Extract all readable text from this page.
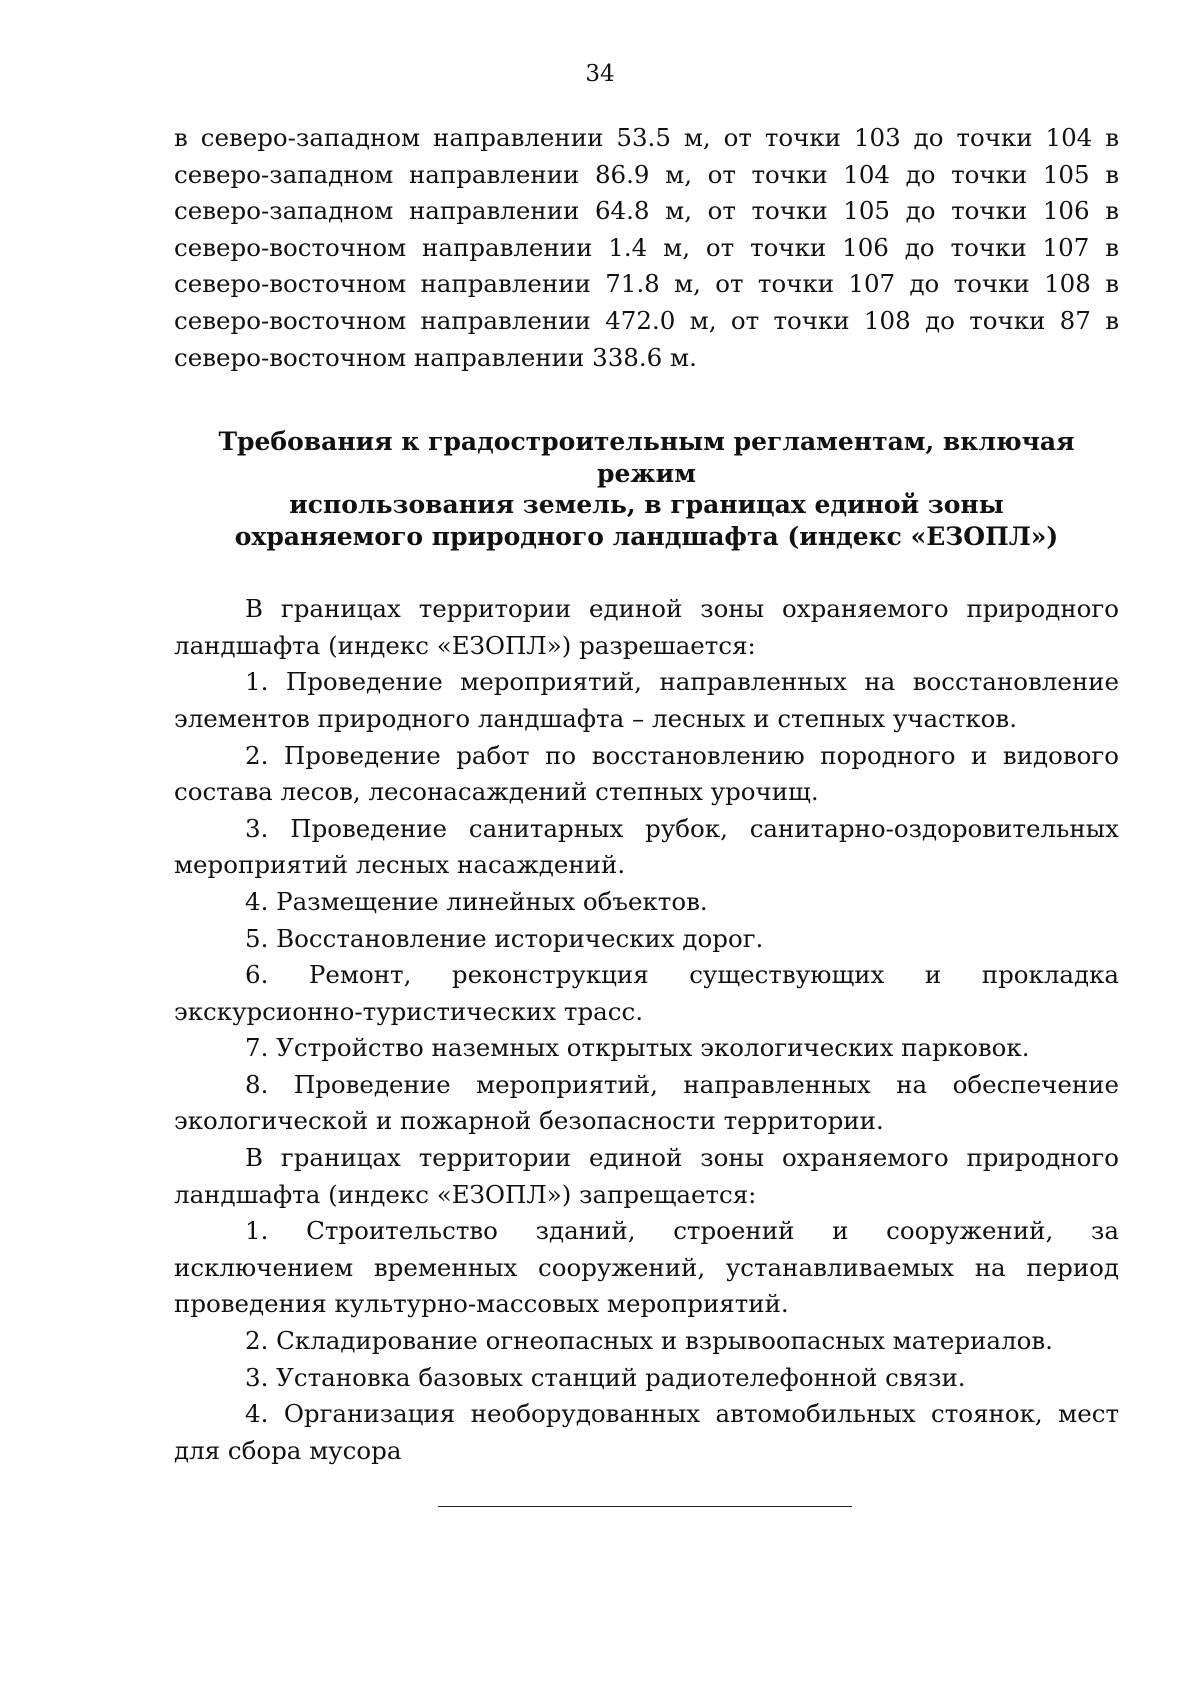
34

в северо-западном направлении 53.5 м, от точки 103 до точки 104 в северо-западном направлении 86.9 м, от точки 104 до точки 105 в северо-западном направлении 64.8 м, от точки 105 до точки 106 в северо-восточном направлении 1.4 м, от точки 106 до точки 107 в северо-восточном направлении 71.8 м, от точки 107 до точки 108 в северо-восточном направлении 472.0 м, от точки 108 до точки 87 в северо-восточном направлении 338.6 м.

Требования к градостроительным регламентам, включая режим
использования земель, в границах единой зоны
охраняемого природного ландшафта (индекс «ЕЗОПЛ»)

В границах территории единой зоны охраняемого природного ландшафта (индекс «ЕЗОПЛ») разрешается:

1. Проведение мероприятий, направленных на восстановление элементов природного ландшафта – лесных и степных участков.

2. Проведение работ по восстановлению породного и видового состава лесов, лесонасаждений степных урочищ.

3. Проведение санитарных рубок, санитарно-оздоровительных мероприятий лесных насаждений.

4. Размещение линейных объектов.

5. Восстановление исторических дорог.

6. Ремонт, реконструкция существующих и прокладка экскурсионно-туристических трасс.

7. Устройство наземных открытых экологических парковок.

8. Проведение мероприятий, направленных на обеспечение экологической и пожарной безопасности территории.

В границах территории единой зоны охраняемого природного ландшафта (индекс «ЕЗОПЛ») запрещается:

1. Строительство зданий, строений и сооружений, за исключением временных сооружений, устанавливаемых на период проведения культурно-массовых мероприятий.

2. Складирование огнеопасных и взрывоопасных материалов.

3. Установка базовых станций радиотелефонной связи.

4. Организация необорудованных автомобильных стоянок, мест для сбора мусора
